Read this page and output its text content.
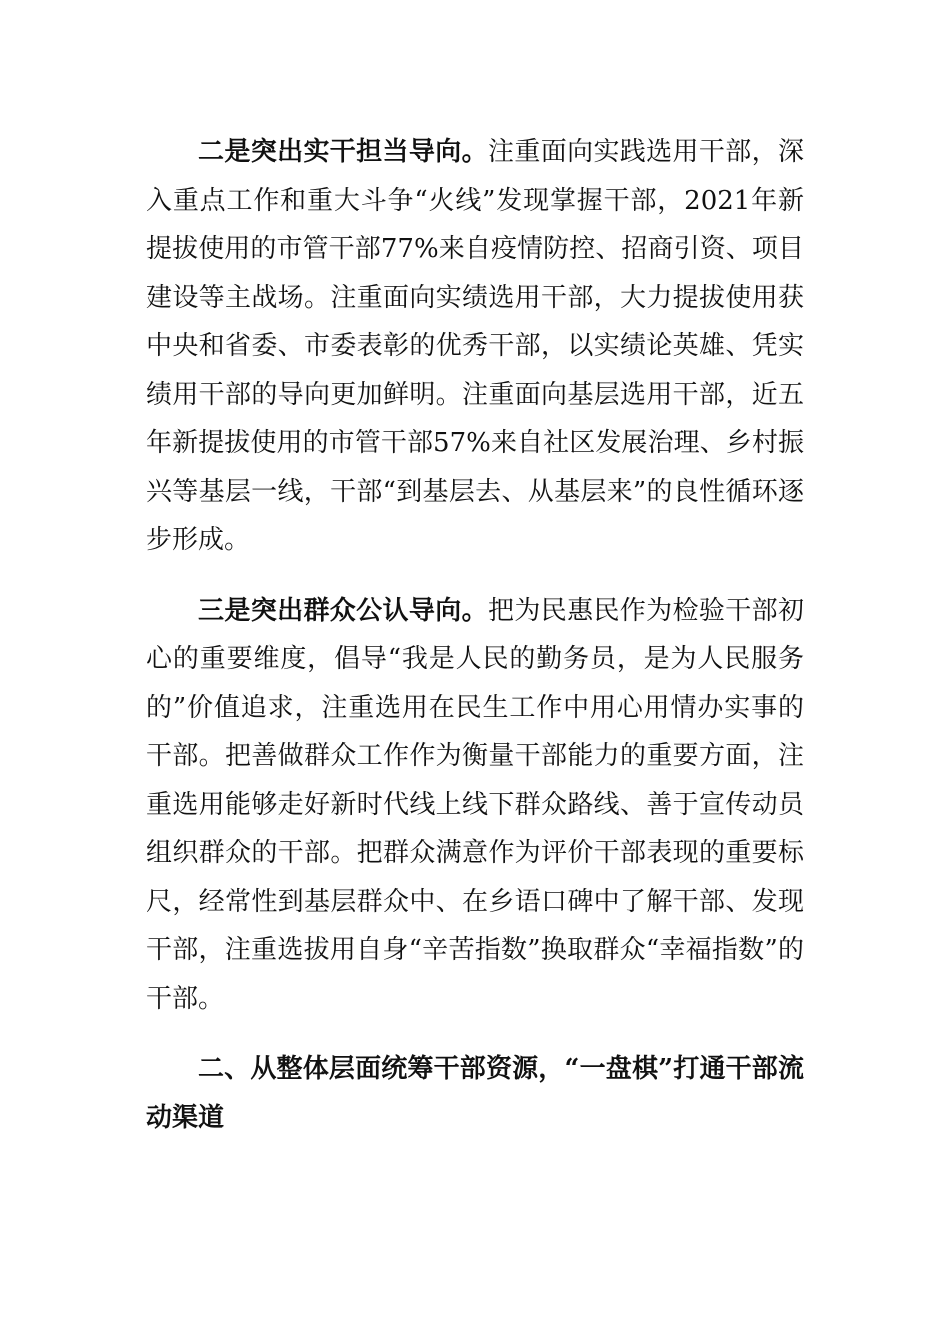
二是突出实干担当导向。注重面向实践选用干部，深入重点工作和重大斗争“火线”发现掌握干部，2021年新提拔使用的市管干部77%来自疫情防控、招商引资、项目建设等主战场。注重面向实绩选用干部，大力提拔使用获中央和省委、市委表彰的优秀干部，以实绩论英雄、凭实绩用干部的导向更加鲜明。注重面向基层选用干部，近五年新提拔使用的市管干部57%来自社区发展治理、乡村振兴等基层一线，干部“到基层去、从基层来”的良性循环逐步形成。

三是突出群众公认导向。把为民惠民作为检验干部初心的重要维度，倡导“我是人民的勤务员，是为人民服务的”价值追求，注重选用在民生工作中用心用情办实事的干部。把善做群众工作作为衡量干部能力的重要方面，注重选用能够走好新时代线上线下群众路线、善于宣传动员组织群众的干部。把群众满意作为评价干部表现的重要标尺，经常性到基层群众中、在乡语口碑中了解干部、发现干部，注重选拔用自身“辛苦指数”换取群众“幸福指数”的干部。

二、从整体层面统筹干部资源，“一盘棋”打通干部流动渠道
